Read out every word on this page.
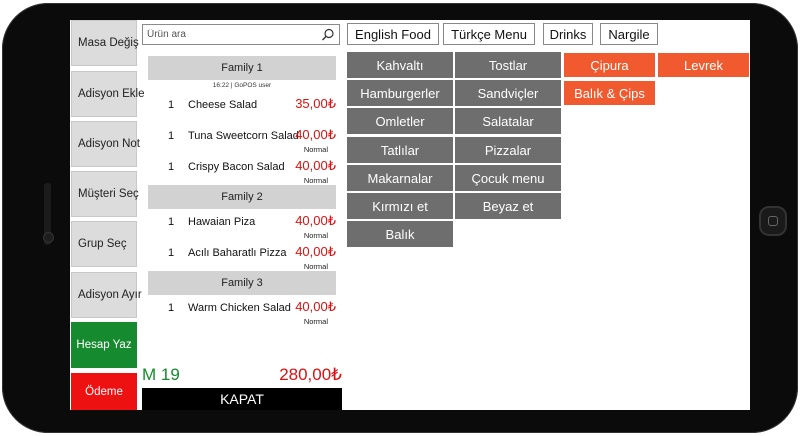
Masa Değiş
Adisyon Ekle
Adisyon Not
Müşteri Seç
Grup Seç
Adisyon Ayır
Hesap Yaz
Ödeme
Ürün ara
Family 1
16:22 | GoPOS user
1 Cheese Salad	35,00₺
1 Tuna Sweetcorn Salad
40,00₺
Normal
1 Crispy Bacon Salad 40,00₺
Normal
Family 2
1 Hawaian Piza	40,00₺
Normal
1 Acılı Baharatlı Pizza 40,00₺
Normal
Family 3
1 Warm Chicken Salad 40,00₺
Normal
M 19	280,00₺
KAPAT
English Food	Türkçe Menu	Drinks	Nargile
Kahvaltı	Tostlar
Hamburgerler	Sandviçler
Omletler	Salatalar
Tatlılar	Pizzalar
Makarnalar	Çocuk menu
Kırmızı et	Beyaz et
Balık
Çipura	Levrek
Balık & Çips
